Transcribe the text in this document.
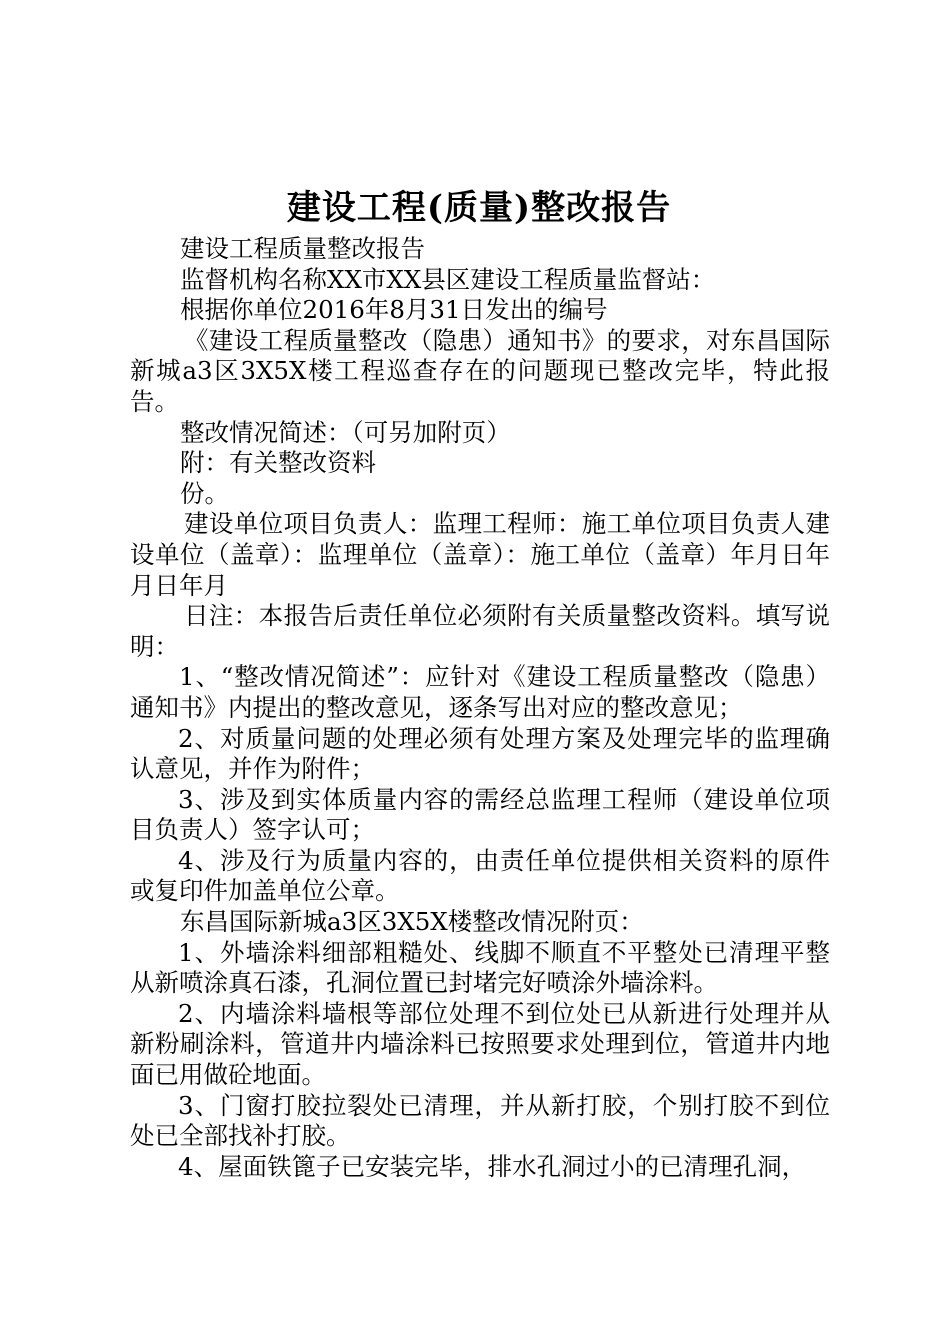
建设工程(质量)整改报告

建设工程质量整改报告

监督机构名称XX市XX县区建设工程质量监督站：

根据你单位2016年8月31日发出的编号

《建设工程质量整改（隐患）通知书》的要求，对东昌国际新城a3区3X5X楼工程巡查存在的问题现已整改完毕，特此报告。

整改情况简述：（可另加附页）

附：有关整改资料

份。

建设单位项目负责人：监理工程师：施工单位项目负责人建设单位（盖章）：监理单位（盖章）：施工单位（盖章）年月日年月日年月

日注：本报告后责任单位必须附有关质量整改资料。填写说明：

1、“整改情况简述”：应针对《建设工程质量整改（隐患）通知书》内提出的整改意见，逐条写出对应的整改意见；

2、对质量问题的处理必须有处理方案及处理完毕的监理确认意见，并作为附件；

3、涉及到实体质量内容的需经总监理工程师（建设单位项目负责人）签字认可；

4、涉及行为质量内容的，由责任单位提供相关资料的原件或复印件加盖单位公章。

东昌国际新城a3区3X5X楼整改情况附页：

1、外墙涂料细部粗糙处、线脚不顺直不平整处已清理平整从新喷涂真石漆，孔洞位置已封堵完好喷涂外墙涂料。

2、内墙涂料墙根等部位处理不到位处已从新进行处理并从新粉刷涂料，管道井内墙涂料已按照要求处理到位，管道井内地面已用做砼地面。

3、门窗打胶拉裂处已清理，并从新打胶，个别打胶不到位处已全部找补打胶。

4、屋面铁篦子已安装完毕，排水孔洞过小的已清理孔洞，
